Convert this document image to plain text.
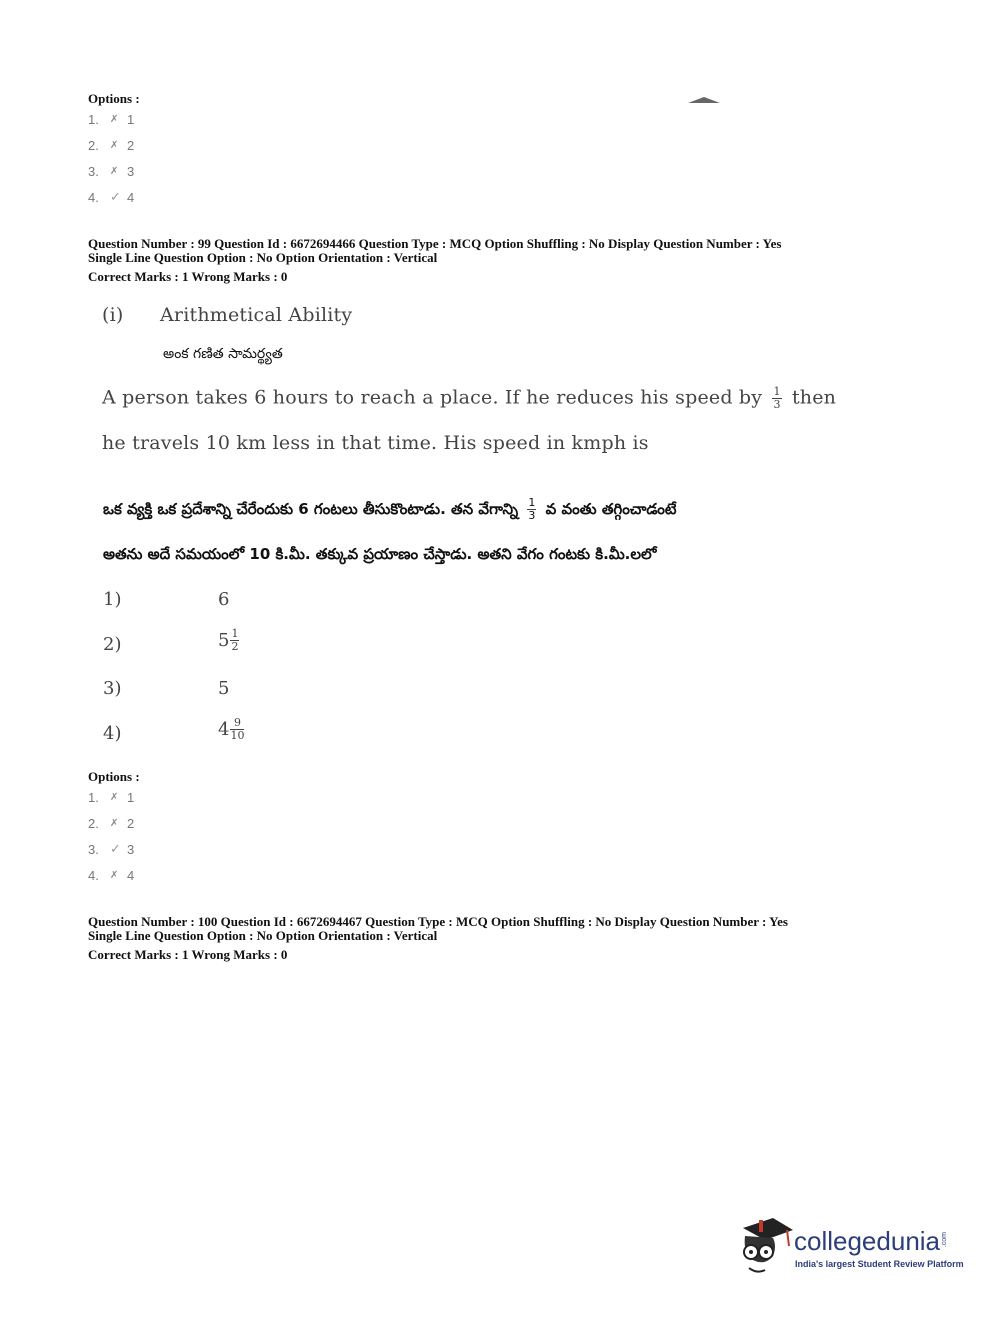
Options :
1.	✗ 1
2.	✗ 2
3.	✗ 3
4. ✓ 4
Question Number : 99 Question Id : 6672694466 Question Type : MCQ Option Shuffling : No Display Question Number : Yes
Single Line Question Option : No Option Orientation : Vertical
Correct Marks : 1 Wrong Marks : 0
(i) Arithmetical Ability
అంక గణిత సామర్థ్యత
A person takes 6 hours to reach a place. If he reduces his speed by $\frac{1}{3}$ then
he travels 10 km less in that time. His speed in kmph is
ఒక వ్యక్తి ఒక ప్రదేశాన్ని చేరేందుకు 6 గంటలు తీసుకొంటాడు. తన వేగాన్ని $\frac{1}{3}$ వ వంతు తగ్గించాడంటే
అతను అదే సమయంలో 10 కి.మీ. తక్కువ ప్రయాణం చేస్తాడు. అతని వేగం గంటకు కి.మీ.లలో
1)	6
2)	$5 \frac{1}{2}$
3)	5
4)	$4 \frac{9}{10}$
Options :
1.	✗ 1
2.	✗ 2
3. ✓ 3
4.	✗ 4
Question Number : 100 Question Id : 6672694467 Question Type : MCQ Option Shuffling : No Display Question Number : Yes
Single Line Question Option : No Option Orientation : Vertical
Correct Marks : 1 Wrong Marks : 0
collegedunia .com
India's largest Student Review Platform
